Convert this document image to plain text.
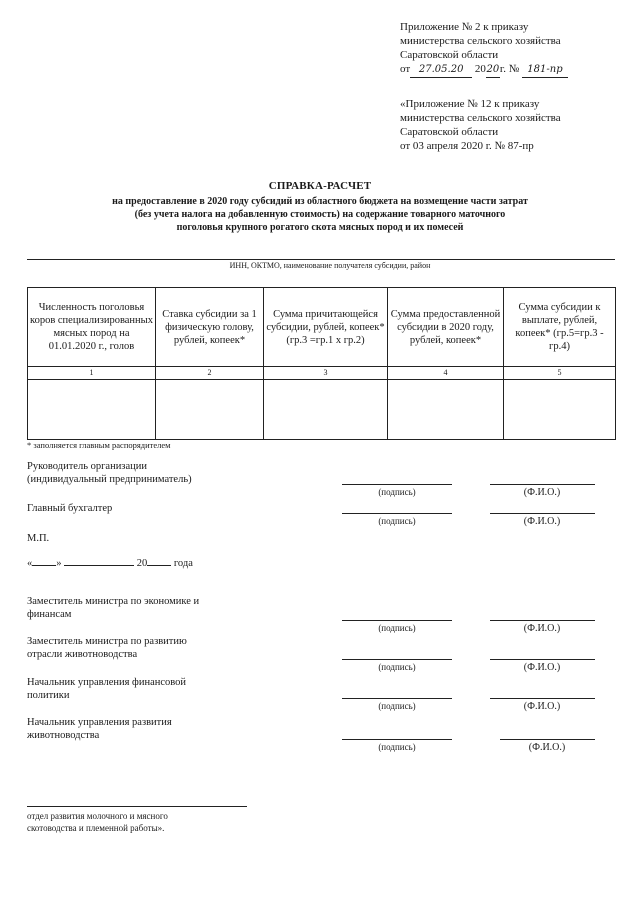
Приложение № 2 к приказу
министерства сельского хозяйства
Саратовской области
от 27.05.20 2020г. № 181-пр
«Приложение № 12 к приказу
министерства сельского хозяйства
Саратовской области
от 03 апреля 2020 г. № 87-пр
СПРАВКА-РАСЧЕТ
на предоставление в 2020 году субсидий из областного бюджета на возмещение части затрат
(без учета налога на добавленную стоимость) на содержание товарного маточного
поголовья крупного рогатого скота мясных пород и их помесей
ИНН, ОКТМО, наименование получателя субсидии, район
Численность поголовья коров специализированных мясных пород на 01.01.2020 г., голов	Ставка субсидии за 1 физическую голову, рублей, копеек*	Сумма причитающейся субсидии, рублей, копеек* (гр.3 =гр.1 х гр.2)	Сумма предоставленной субсидии в 2020 году, рублей, копеек*	Сумма субсидии к выплате, рублей, копеек* (гр.5=гр.3 - гр.4)
1	2	3	4	5

* заполняется главным распорядителем
Руководитель организации
(индивидуальный предприниматель)
(подпись)	(Ф.И.О.)
Главный бухгалтер
(подпись)	(Ф.И.О.)
М.П.
« »	20	года
Заместитель министра по экономике и
финансам
(подпись)	(Ф.И.О.)
Заместитель министра по развитию
отрасли животноводства
(подпись)	(Ф.И.О.)
Начальник управления финансовой
политики
(подпись)	(Ф.И.О.)
Начальник управления развития
животноводства
(подпись)	(Ф.И.О.)
отдел развития молочного и мясного
скотоводства и племенной работы».
